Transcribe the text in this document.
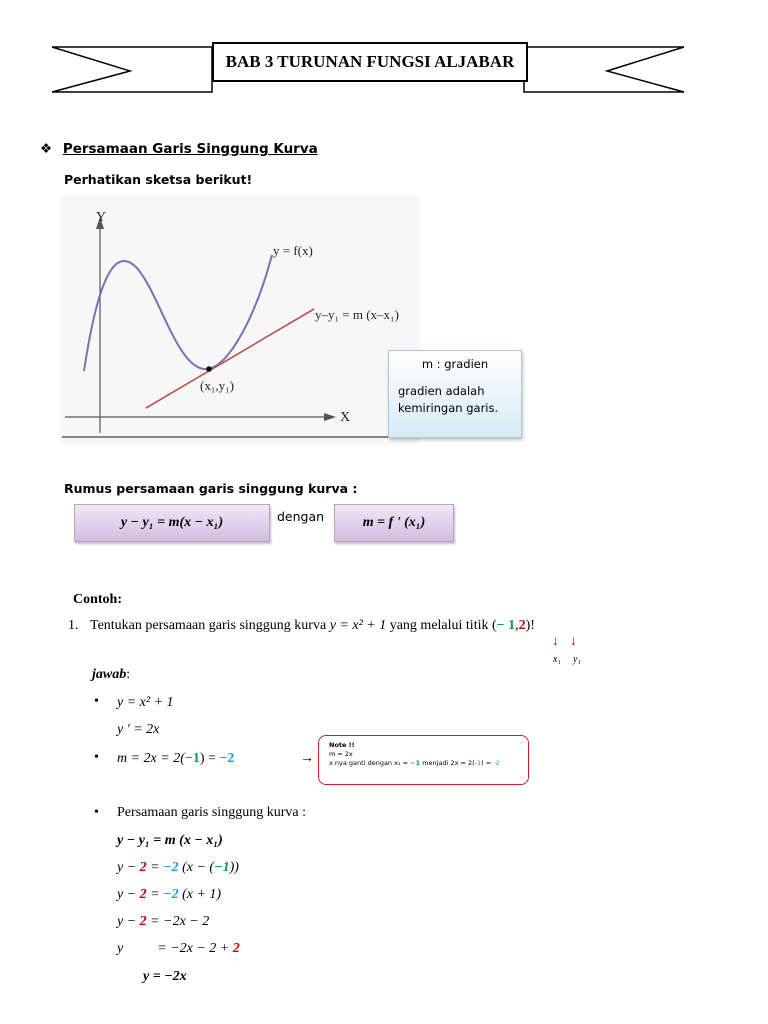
BAB 3 TURUNAN FUNGSI ALJABAR
❖ Persamaan Garis Singgung Kurva
Perhatikan sketsa berikut!
Y
X
y = f(x)
y–y₁ = m (x–x₁)
(x₁,y₁)
m : gradien
gradien adalah
kemiringan garis.
Rumus persamaan garis singgung kurva :
y − y₁ = m(x − x₁)	dengan	m = f ' (x₁)
Contoh:
1. Tentukan persamaan garis singgung kurva y = x² + 1 yang melalui titik (− 1,2)!
↓ ↓
x₁ y₁
jawab:
• y = x² + 1
y ' = 2x
• m = 2x = 2(−1) = −2	→
Note !!
m = 2x
x nya ganti dengan x₁ = −1 menjadi 2x = 2(-1) = -2
• Persamaan garis singgung kurva :
y − y₁ = m (x − x₁)
y − 2 = −2 (x − (−1))
y − 2 = −2 (x + 1)
y − 2 = −2x − 2
y = −2x − 2 + 2
y = −2x
